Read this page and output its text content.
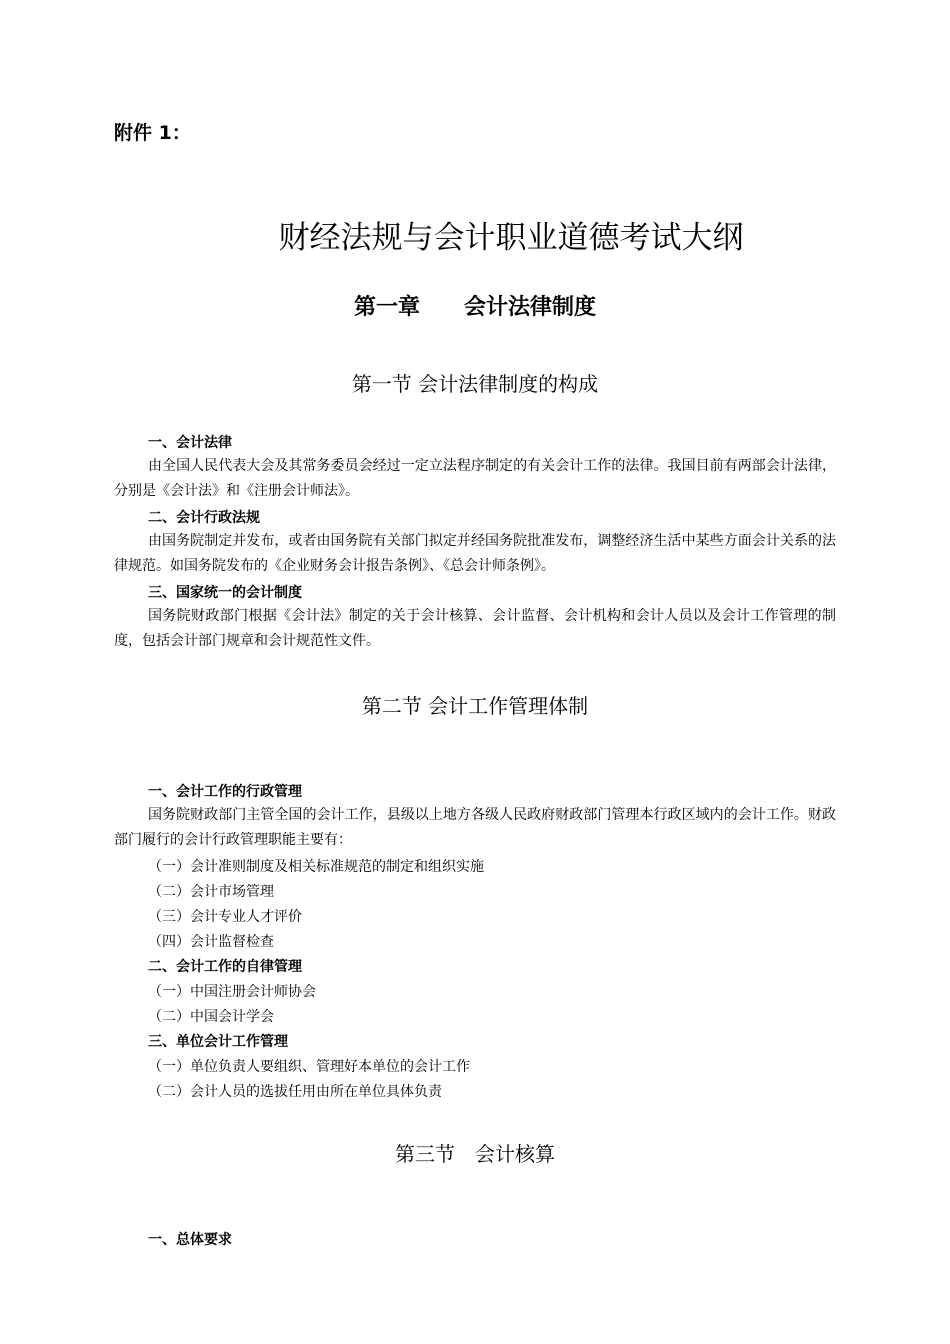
附件 1：
财经法规与会计职业道德考试大纲
第一章　　会计法律制度
第一节 会计法律制度的构成
一、会计法律
由全国人民代表大会及其常务委员会经过一定立法程序制定的有关会计工作的法律。我国目前有两部会计法律，分别是《会计法》和《注册会计师法》。
二、会计行政法规
由国务院制定并发布，或者由国务院有关部门拟定并经国务院批准发布，调整经济生活中某些方面会计关系的法律规范。如国务院发布的《企业财务会计报告条例》、《总会计师条例》。
三、国家统一的会计制度
国务院财政部门根据《会计法》制定的关于会计核算、会计监督、会计机构和会计人员以及会计工作管理的制度，包括会计部门规章和会计规范性文件。
第二节 会计工作管理体制
一、会计工作的行政管理
国务院财政部门主管全国的会计工作，县级以上地方各级人民政府财政部门管理本行政区域内的会计工作。财政部门履行的会计行政管理职能主要有：
（一）会计准则制度及相关标准规范的制定和组织实施
（二）会计市场管理
（三）会计专业人才评价
（四）会计监督检查
二、会计工作的自律管理
（一）中国注册会计师协会
（二）中国会计学会
三、单位会计工作管理
（一）单位负责人要组织、管理好本单位的会计工作
（二）会计人员的选拔任用由所在单位具体负责
第三节　会计核算
一、总体要求
